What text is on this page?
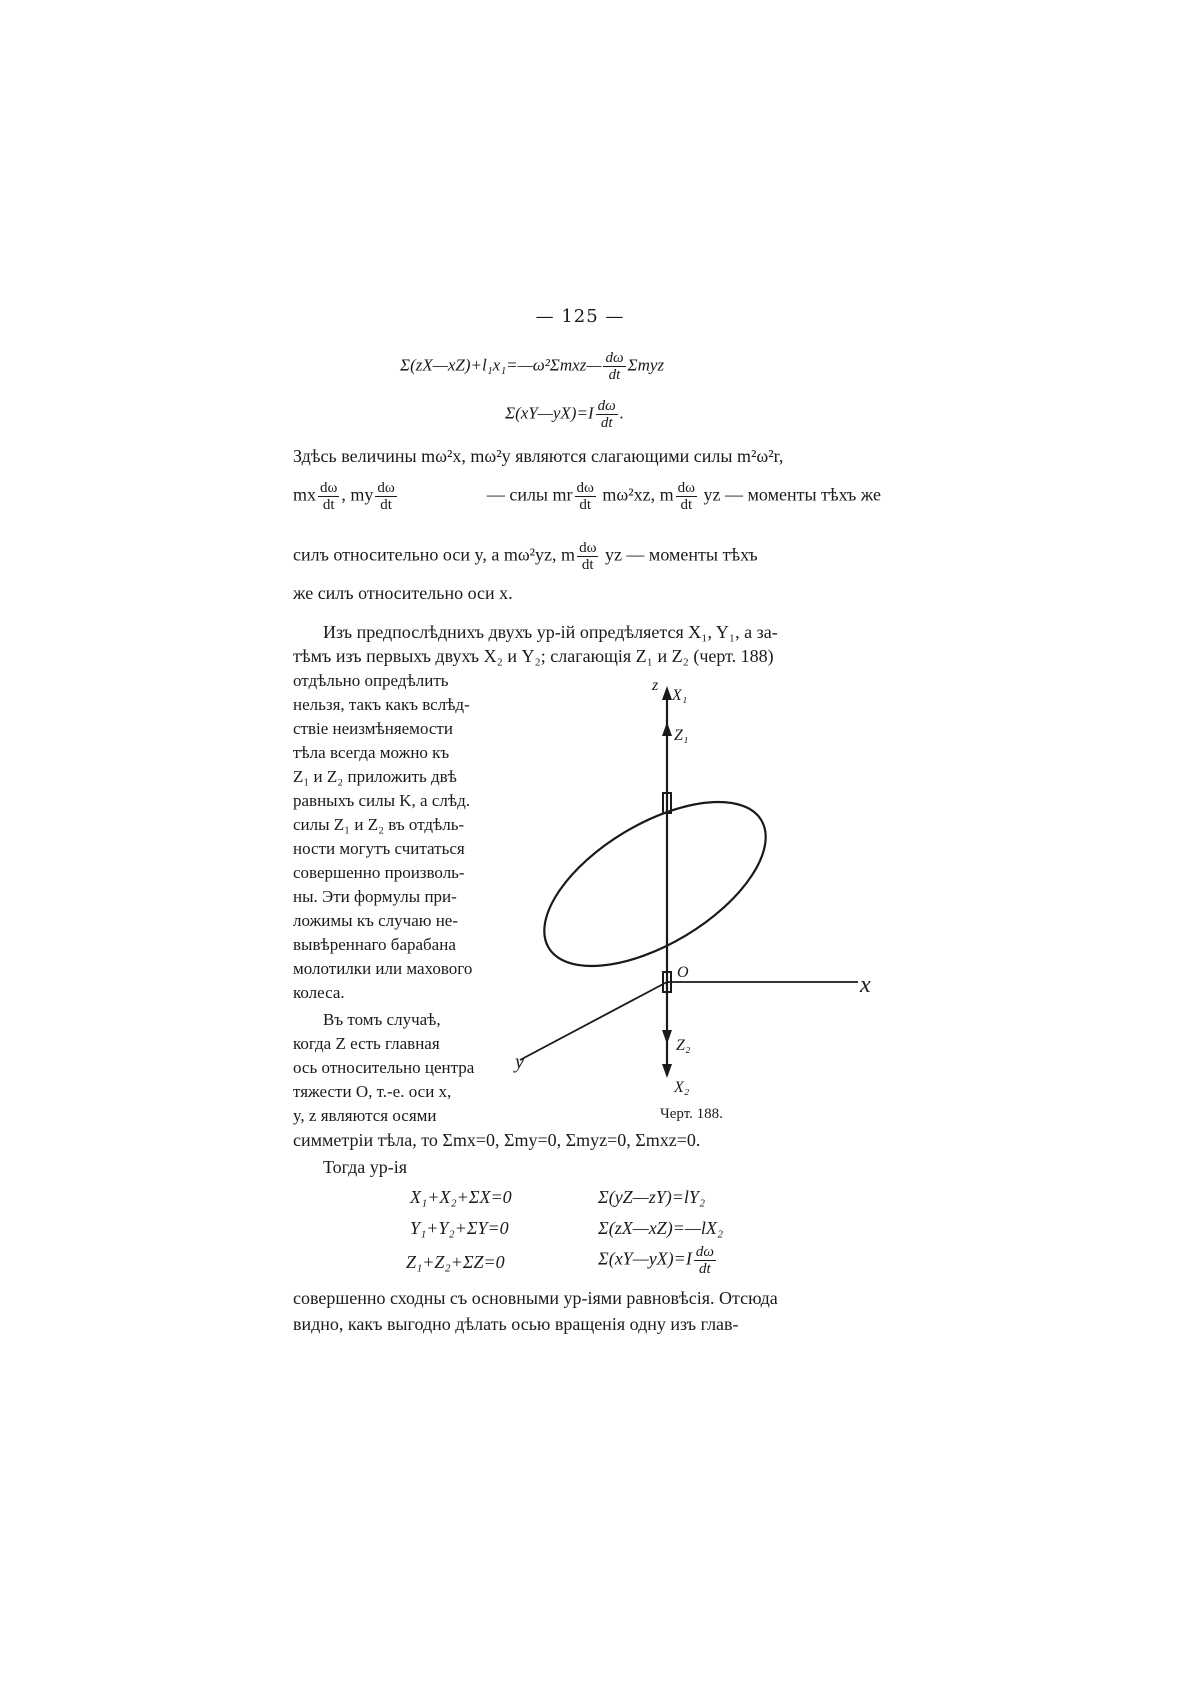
— 125 —
Σ(zX—xZ)+l₁x₁=—ω²Σmxz— $\frac{d\omega}{dt}$ Σmyz
Σ(xY—yX)=I $\frac{d\omega}{dt}$ .
Здѣсь величины mω²x, mω²y являются слагающими силы m²ω²r,
mx $\frac{d\omega}{dt}$ , my $\frac{d\omega}{dt}$	— силы mr $\frac{d\omega}{dt} m\omega^2xz$, m $\frac{d\omega}{dt}$ yz — моменты тѣхъ же
силъ относительно оси y, а mω²yz, m $\frac{d\omega}{dt}$ yz — моменты тѣхъ
же силъ относительно оси x.
Изъ предпослѣднихъ двухъ ур-ій опредѣляется X₁, Y₁, а за-
тѣмъ изъ первыхъ двухъ X₂ и Y₂; слагающія Z₁ и Z₂ (черт. 188)
отдѣльно опредѣлить
нельзя, такъ какъ вслѣд-
ствіе неизмѣняемости
тѣла всегда можно къ
Z₁ и Z₂ приложить двѣ
равныхъ силы K, а слѣд.
силы Z₁ и Z₂ въ отдѣль-
ности могутъ считаться
совершенно произволь-
ны. Эти формулы при-
ложимы къ случаю не-
вывѣреннаго барабана
молотилки или махового
колеса.
Въ томъ случаѣ,
когда Z есть главная
ось относительно центра
тяжести O, т.-е. оси x,
y, z являются осями
z
X₁
Z₁
O	x
y
Z₂
X₂
Черт. 188.
симметріи тѣла, то Σmx=0, Σmy=0, Σmyz=0, Σmxz=0.
Тогда ур-ія
X₁+X₂+ΣX=0
Y₁+Y₂+ΣY=0
Z₁+Z₂+ΣZ=0
Σ(yZ—zY)=lY₂
Σ(zX—xZ)=—lX₂
Σ(xY—yX)=I $\frac{d\omega}{dt}$
совершенно сходны съ основными ур-іями равновѣсія. Отсюда
видно, какъ выгодно дѣлать осью вращенія одну изъ глав-
